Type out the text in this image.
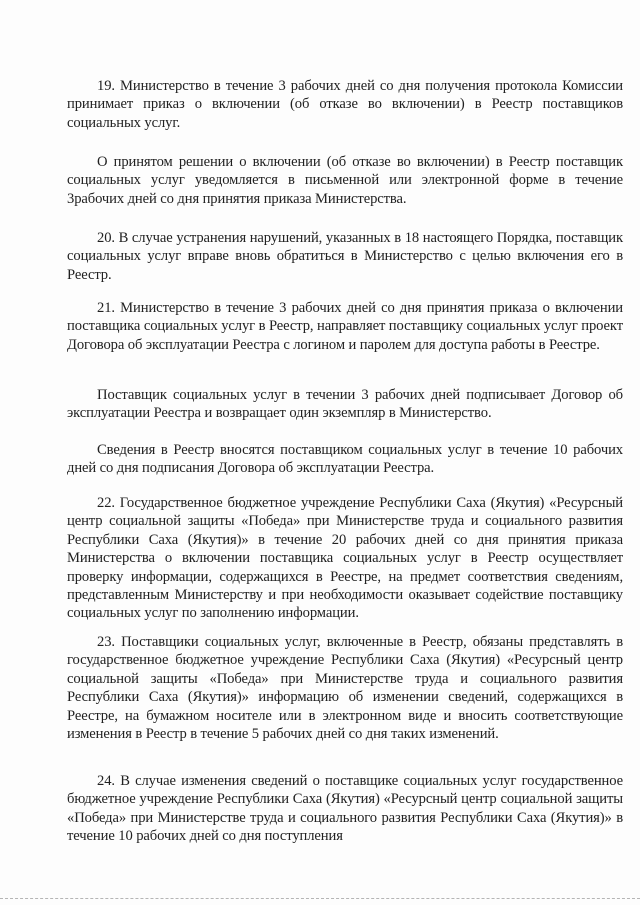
19. Министерство в течение 3 рабочих дней со дня получения протокола Комиссии принимает приказ о включении (об отказе во включении) в Реестр поставщиков социальных услуг.

О принятом решении о включении (об отказе во включении) в Реестр поставщик социальных услуг уведомляется в письменной или электронной форме в течение 3рабочих дней со дня принятия приказа Министерства.

20. В случае устранения нарушений, указанных в 18 настоящего Порядка, поставщик социальных услуг вправе вновь обратиться в Министерство с целью включения его в Реестр.

21. Министерство в течение 3 рабочих дней со дня принятия приказа о включении поставщика социальных услуг в Реестр, направляет поставщику социальных услуг проект Договора об эксплуатации Реестра с логином и паролем для доступа работы в Реестре.

Поставщик социальных услуг в течении 3 рабочих дней подписывает Договор об эксплуатации Реестра и возвращает один экземпляр в Министерство.

Сведения в Реестр вносятся поставщиком социальных услуг в течение 10 рабочих дней со дня подписания Договора об эксплуатации Реестра.

22. Государственное бюджетное учреждение Республики Саха (Якутия) «Ресурсный центр социальной защиты «Победа» при Министерстве труда и социального развития Республики Саха (Якутия)» в течение 20 рабочих дней со дня принятия приказа Министерства о включении поставщика социальных услуг в Реестр осуществляет проверку информации, содержащихся в Реестре, на предмет соответствия сведениям, представленным Министерству и при необходимости оказывает содействие поставщику социальных услуг по заполнению информации.

23. Поставщики социальных услуг, включенные в Реестр, обязаны представлять в государственное бюджетное учреждение Республики Саха (Якутия) «Ресурсный центр социальной защиты «Победа» при Министерстве труда и социального развития Республики Саха (Якутия)» информацию об изменении сведений, содержащихся в Реестре, на бумажном носителе или в электронном виде и вносить соответствующие изменения в Реестр в течение 5 рабочих дней со дня таких изменений.

24. В случае изменения сведений о поставщике социальных услуг государственное бюджетное учреждение Республики Саха (Якутия) «Ресурсный центр социальной защиты «Победа» при Министерстве труда и социального развития Республики Саха (Якутия)» в течение 10 рабочих дней со дня поступления
